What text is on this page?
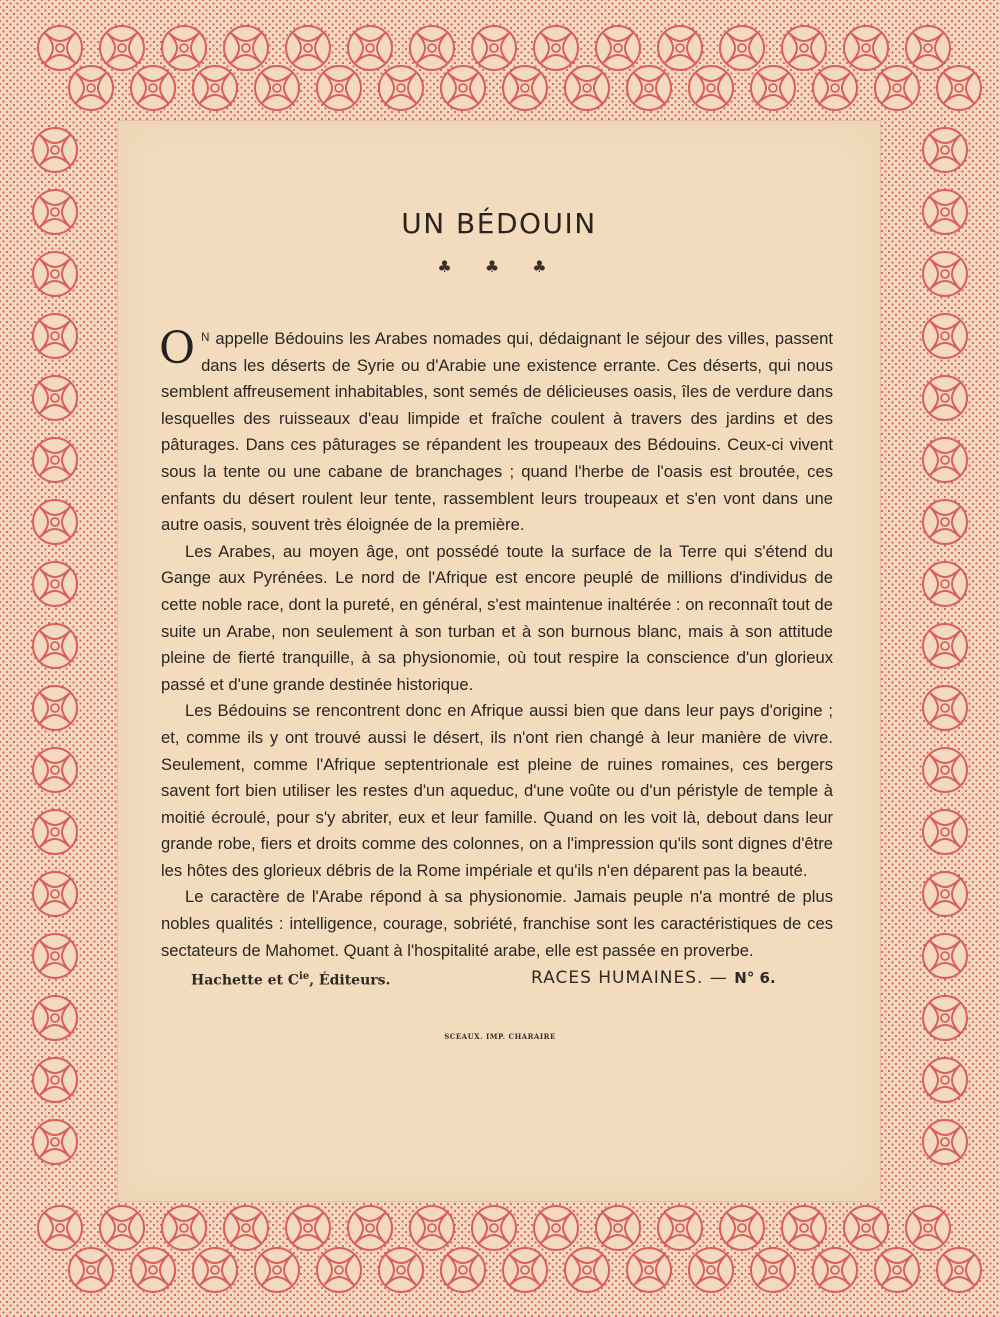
UN BÉDOUIN
♣ ♣ ♣

O N appelle Bédouins les Arabes nomades qui, dédaignant le séjour des villes, passent dans les déserts de Syrie ou d'Arabie une existence errante. Ces déserts, qui nous semblent affreusement inhabitables, sont semés de délicieuses oasis, îles de verdure dans lesquelles des ruisseaux d'eau limpide et fraîche coulent à travers des jardins et des pâturages. Dans ces pâturages se répandent les troupeaux des Bédouins. Ceux-ci vivent sous la tente ou une cabane de branchages ; quand l'herbe de l'oasis est broutée, ces enfants du désert roulent leur tente, rassemblent leurs troupeaux et s'en vont dans une autre oasis, souvent très éloignée de la première.

Les Arabes, au moyen âge, ont possédé toute la surface de la Terre qui s'étend du Gange aux Pyrénées. Le nord de l'Afrique est encore peuplé de millions d'individus de cette noble race, dont la pureté, en général, s'est maintenue inaltérée : on reconnaît tout de suite un Arabe, non seulement à son turban et à son burnous blanc, mais à son attitude pleine de fierté tranquille, à sa physionomie, où tout respire la conscience d'un glorieux passé et d'une grande destinée historique.

Les Bédouins se rencontrent donc en Afrique aussi bien que dans leur pays d'origine ; et, comme ils y ont trouvé aussi le désert, ils n'ont rien changé à leur manière de vivre. Seulement, comme l'Afrique septentrionale est pleine de ruines romaines, ces bergers savent fort bien utiliser les restes d'un aqueduc, d'une voûte ou d'un péristyle de temple à moitié écroulé, pour s'y abriter, eux et leur famille. Quand on les voit là, debout dans leur grande robe, fiers et droits comme des colonnes, on a l'impression qu'ils sont dignes d'être les hôtes des glorieux débris de la Rome impériale et qu'ils n'en déparent pas la beauté.

Le caractère de l'Arabe répond à sa physionomie. Jamais peuple n'a montré de plus nobles qualités : intelligence, courage, sobriété, franchise sont les caractéristiques de ces sectateurs de Mahomet. Quant à l'hospitalité arabe, elle est passée en proverbe.

Hachette et $C^{ie}$, Éditeurs.	RACES HUMAINES. — N° 6.
SCEAUX. IMP. CHARAIRE
